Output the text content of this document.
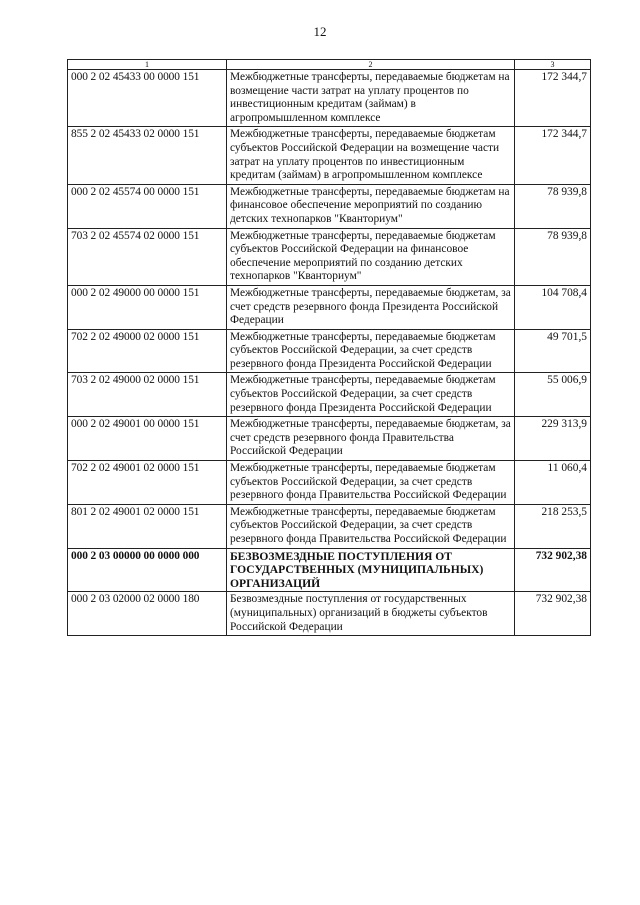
12
1	2	3
000 2 02 45433 00 0000 151	Межбюджетные трансферты, передаваемые бюджетам на возмещение части затрат на уплату процентов по инвестиционным кредитам (займам) в агропромышленном комплексе	172 344,7
855 2 02 45433 02 0000 151	Межбюджетные трансферты, передаваемые бюджетам субъектов Российской Федерации на возмещение части затрат на уплату процентов по инвестиционным кредитам (займам) в агропромышленном комплексе	172 344,7
000 2 02 45574 00 0000 151	Межбюджетные трансферты, передаваемые бюджетам на финансовое обеспечение мероприятий по созданию детских технопарков "Кванториум"	78 939,8
703 2 02 45574 02 0000 151	Межбюджетные трансферты, передаваемые бюджетам субъектов Российской Федерации на финансовое обеспечение мероприятий по созданию детских технопарков "Кванториум"	78 939,8
000 2 02 49000 00 0000 151	Межбюджетные трансферты, передаваемые бюджетам, за счет средств резервного фонда Президента Российской Федерации	104 708,4
702 2 02 49000 02 0000 151	Межбюджетные трансферты, передаваемые бюджетам субъектов Российской Федерации, за счет средств резервного фонда Президента Российской Федерации	49 701,5
703 2 02 49000 02 0000 151	Межбюджетные трансферты, передаваемые бюджетам субъектов Российской Федерации, за счет средств резервного фонда Президента Российской Федерации	55 006,9
000 2 02 49001 00 0000 151	Межбюджетные трансферты, передаваемые бюджетам, за счет средств резервного фонда Правительства Российской Федерации	229 313,9
702 2 02 49001 02 0000 151	Межбюджетные трансферты, передаваемые бюджетам субъектов Российской Федерации, за счет средств резервного фонда Правительства Российской Федерации	11 060,4
801 2 02 49001 02 0000 151	Межбюджетные трансферты, передаваемые бюджетам субъектов Российской Федерации, за счет средств резервного фонда Правительства Российской Федерации	218 253,5
000 2 03 00000 00 0000 000	БЕЗВОЗМЕЗДНЫЕ ПОСТУПЛЕНИЯ ОТ ГОСУДАРСТВЕННЫХ (МУНИЦИПАЛЬНЫХ) ОРГАНИЗАЦИЙ	732 902,38
000 2 03 02000 02 0000 180	Безвозмездные поступления от государственных (муниципальных) организаций в бюджеты субъектов Российской Федерации	732 902,38
